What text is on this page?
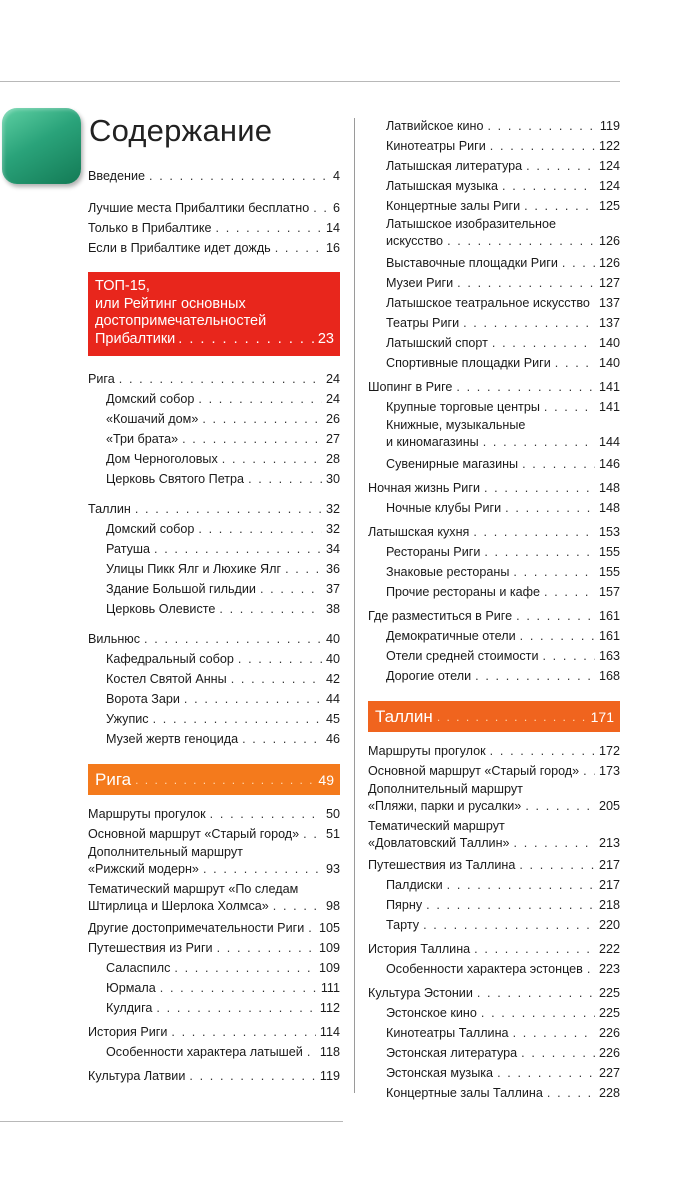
Содержание
Введение . . .	4
Лучшие места Прибалтики бесплатно . . . 6
Только в Прибалтике . . .	14
Если в Прибалтике идет дождь . . .	16
ТОП-15,
или Рейтинг основных
достопримечательностей
Прибалтики . . .	23
Рига . . .	24
Домский собор . . .	24
«Кошачий дом» . . .	26
«Три брата» . . .	27
Дом Черноголовых . . .	28
Церковь Святого Петра . . .	30
Таллин . . .	32
Домский собор . . .	32
Ратуша . . .	34
Улицы Пикк Ялг и Люхике Ялг . . .	36
Здание Большой гильдии . . .	37
Церковь Олевисте . . .	38
Вильнюс . . .	40
Кафедральный собор . . .	40
Костел Святой Анны . . .	42
Ворота Зари . . .	44
Ужупис . . .	45
Музей жертв геноцида . . .	46
Рига . . .	49
Маршруты прогулок . . .	50
Основной маршрут «Старый город» . . . 51
Дополнительный маршрут
«Рижский модерн» . . .	93
Тематический маршрут «По следам
Штирлица и Шерлока Холмса» . . .	98
Другие достопримечательности Риги . . . 105
Путешествия из Риги . . .	109
Саласпилс . . .	109
Юрмала . . .	111
Кулдига . . .	112
История Риги . . .	114
Особенности характера латышей . . . 118
Культура Латвии . . .	119
Латвийское кино . . .	119
Кинотеатры Риги . . .	122
Латышская литература . . .	124
Латышская музыка . . .	124
Концертные залы Риги . . .	125
Латышское изобразительное
искусство . . .	126
Выставочные площадки Риги . . .	126
Музеи Риги . . .	127
Латышское театральное искусство . . . 137
Театры Риги . . .	137
Латышский спорт . . .	140
Спортивные площадки Риги . . .	140
Шопинг в Риге . . .	141
Крупные торговые центры . . .	141
Книжные, музыкальные
и киномагазины . . .	144
Сувенирные магазины . . .	146
Ночная жизнь Риги . . .	148
Ночные клубы Риги . . .	148
Латышская кухня . . .	153
Рестораны Риги . . .	155
Знаковые рестораны . . .	155
Прочие рестораны и кафе . . .	157
Где разместиться в Риге . . .	161
Демократичные отели . . .	161
Отели средней стоимости . . .	163
Дорогие отели . . .	168
Таллин . . .	171
Маршруты прогулок . . .	172
Основной маршрут «Старый город» . . . 173
Дополнительный маршрут
«Пляжи, парки и русалки» . . .	205
Тематический маршрут
«Довлатовский Таллин» . . .	213
Путешествия из Таллина . . .	217
Палдиски . . .	217
Пярну . . .	218
Тарту . . .	220
История Таллина . . .	222
Особенности характера эстонцев . . . 223
Культура Эстонии . . .	225
Эстонское кино . . .	225
Кинотеатры Таллина . . .	226
Эстонская литература . . .	226
Эстонская музыка . . .	227
Концертные залы Таллина . . .	228
